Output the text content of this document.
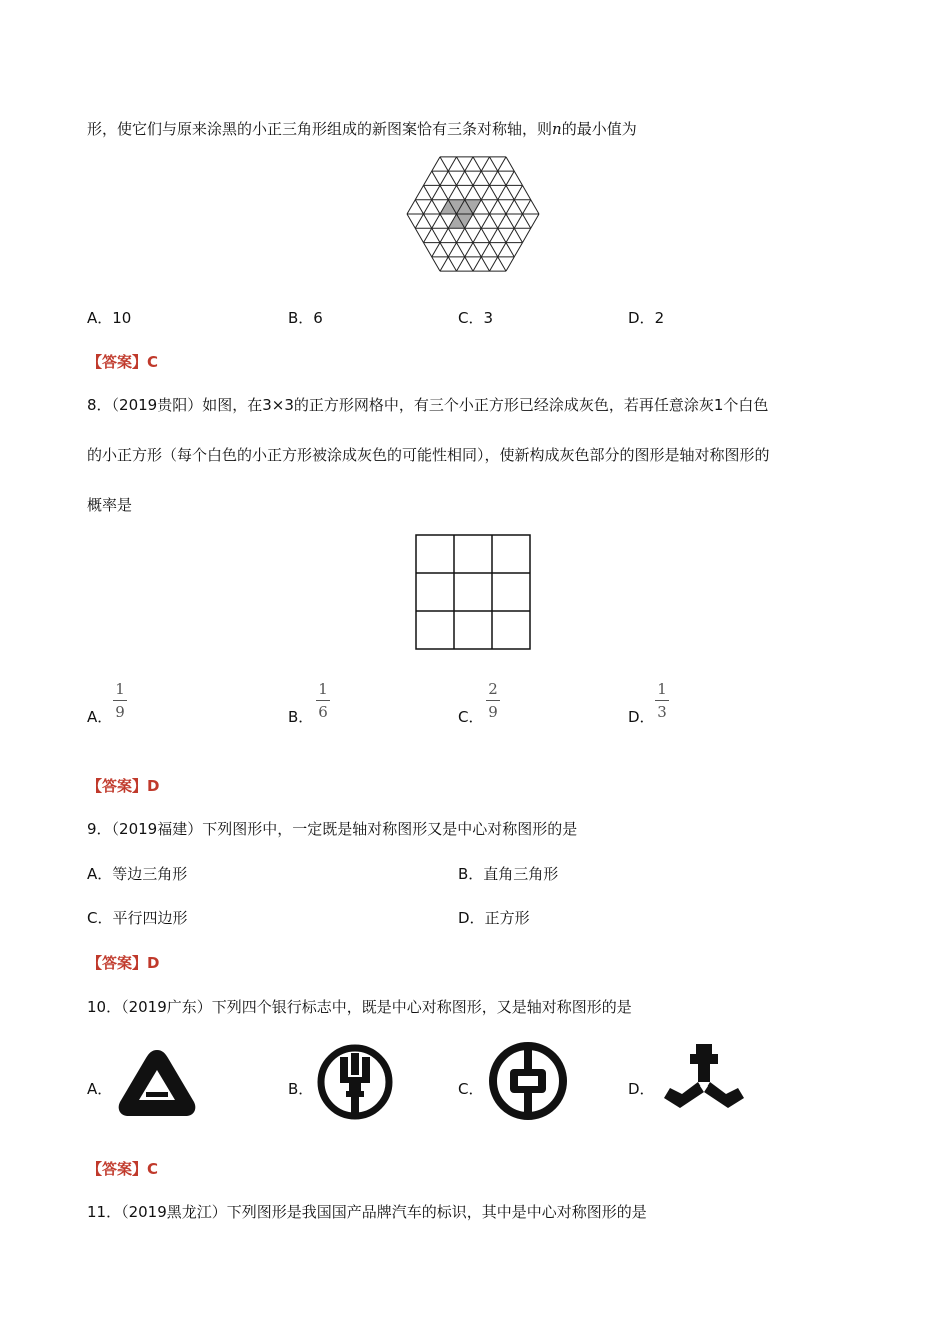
形，使它们与原来涂黑的小正三角形组成的新图案恰有三条对称轴，则n的最小值为
A．10	B．6	C．3	D．2
【答案】C
8．（2019贵阳）如图，在3×3的正方形网格中，有三个小正方形已经涂成灰色，若再任意涂灰1个白色
的小正方形（每个白色的小正方形被涂成灰色的可能性相同），使新构成灰色部分的图形是轴对称图形的
概率是
A．
1
9	B．
1
6	C．
2
9	D．
1
3
【答案】D
9．（2019福建）下列图形中，一定既是轴对称图形又是中心对称图形的是
A．等边三角形	B．直角三角形
C．平行四边形	D．正方形
【答案】D
10．（2019广东）下列四个银行标志中，既是中心对称图形，又是轴对称图形的是
A．	B．	C．	D．
【答案】C
11．（2019黑龙江）下列图形是我国国产品牌汽车的标识，其中是中心对称图形的是
